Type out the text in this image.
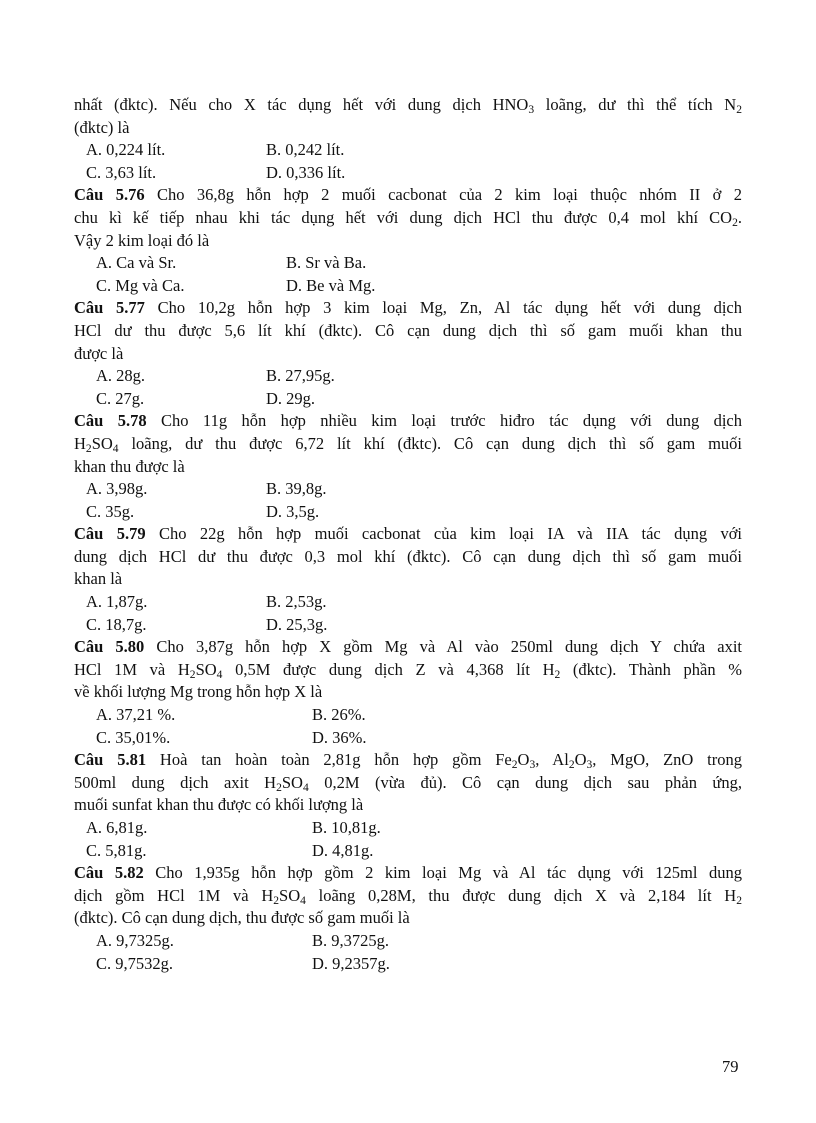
nhất (đktc). Nếu cho X tác dụng hết với dung dịch $HNO_3$ loãng, dư thì thể tích $N_2$
(đktc) là
A. 0,224 lít.	B. 0,242 lít.
C. 3,63 lít.	D. 0,336 lít.
Câu 5.76 Cho 36,8g hỗn hợp 2 muối cacbonat của 2 kim loại thuộc nhóm II ở 2
chu kì kế tiếp nhau khi tác dụng hết với dung dịch HCl thu được 0,4 mol khí $CO_2$.
Vậy 2 kim loại đó là
A. Ca và Sr.	B. Sr và Ba.
C. Mg và Ca.	D. Be và Mg.
Câu 5.77 Cho 10,2g hỗn hợp 3 kim loại Mg, Zn, Al tác dụng hết với dung dịch
HCl dư thu được 5,6 lít khí (đktc). Cô cạn dung dịch thì số gam muối khan thu
được là
A. 28g.	B. 27,95g.
C. 27g.	D. 29g.
Câu 5.78 Cho 11g hỗn hợp nhiều kim loại trước hiđro tác dụng với dung dịch
$H_2SO_4$ loãng, dư thu được 6,72 lít khí (đktc). Cô cạn dung dịch thì số gam muối
khan thu được là
A. 3,98g.	B. 39,8g.
C. 35g.	D. 3,5g.
Câu 5.79 Cho 22g hỗn hợp muối cacbonat của kim loại IA và IIA tác dụng với
dung dịch HCl dư thu được 0,3 mol khí (đktc). Cô cạn dung dịch thì số gam muối
khan là
A. 1,87g.	B. 2,53g.
C. 18,7g.	D. 25,3g.
Câu 5.80 Cho 3,87g hỗn hợp X gồm Mg và Al vào 250ml dung dịch Y chứa axit
HCl 1M và $H_2SO_4$ 0,5M được dung dịch Z và 4,368 lít $H_2$ (đktc). Thành phần %
về khối lượng Mg trong hỗn hợp X là
A. 37,21 %.	B. 26%.
C. 35,01%.	D. 36%.
Câu 5.81 Hoà tan hoàn toàn 2,81g hỗn hợp gồm $Fe_2O_3$, $Al_2O_3$, MgO, ZnO trong
500ml dung dịch axit $H_2SO_4$ 0,2M (vừa đủ). Cô cạn dung dịch sau phản ứng,
muối sunfat khan thu được có khối lượng là
A. 6,81g.	B. 10,81g.
C. 5,81g.	D. 4,81g.
Câu 5.82 Cho 1,935g hỗn hợp gồm 2 kim loại Mg và Al tác dụng với 125ml dung
dịch gồm HCl 1M và $H_2SO_4$ loãng 0,28M, thu được dung dịch X và 2,184 lít $H_2$
(đktc). Cô cạn dung dịch, thu được số gam muối là
A. 9,7325g.	B. 9,3725g.
C. 9,7532g.	D. 9,2357g.
79
